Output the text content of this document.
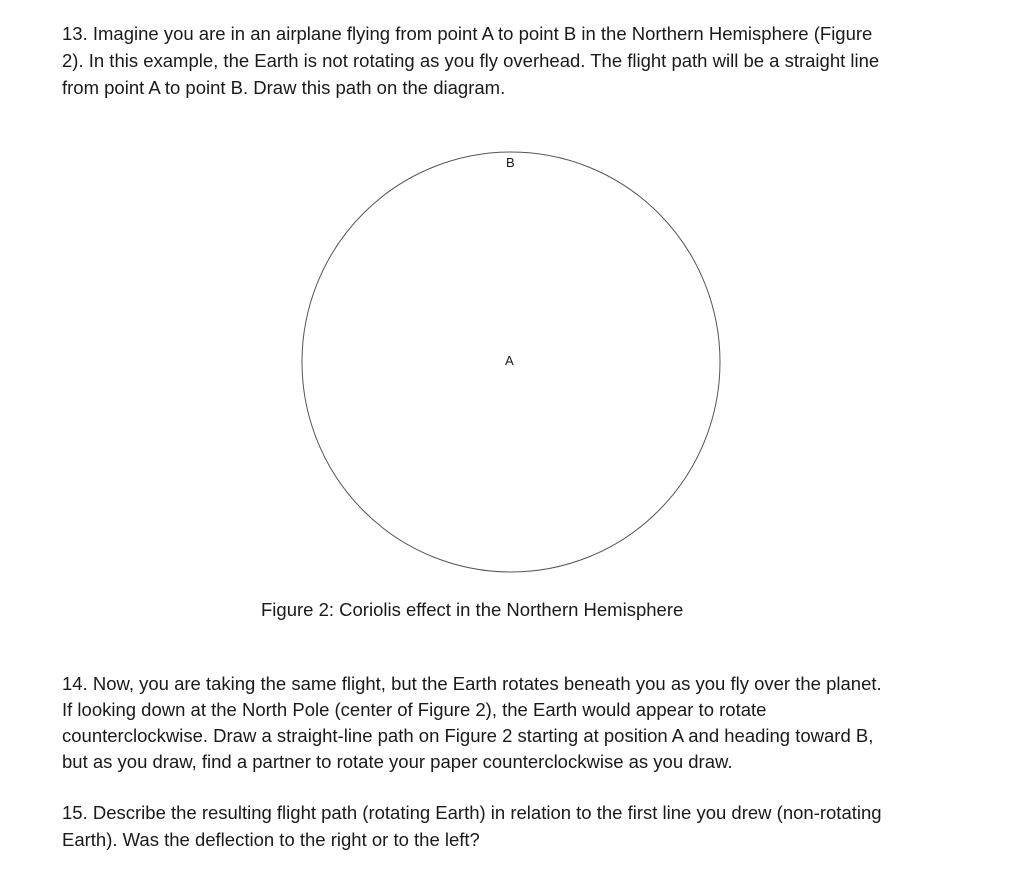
13. Imagine you are in an airplane flying from point A to point B in the Northern Hemisphere (Figure
2). In this example, the Earth is not rotating as you fly overhead. The flight path will be a straight line
from point A to point B. Draw this path on the diagram.
B
A

Figure 2: Coriolis effect in the Northern Hemisphere

14. Now, you are taking the same flight, but the Earth rotates beneath you as you fly over the planet.
If looking down at the North Pole (center of Figure 2), the Earth would appear to rotate
counterclockwise. Draw a straight-line path on Figure 2 starting at position A and heading toward B,
but as you draw, find a partner to rotate your paper counterclockwise as you draw.
15. Describe the resulting flight path (rotating Earth) in relation to the first line you drew (non-rotating
Earth). Was the deflection to the right or to the left?
